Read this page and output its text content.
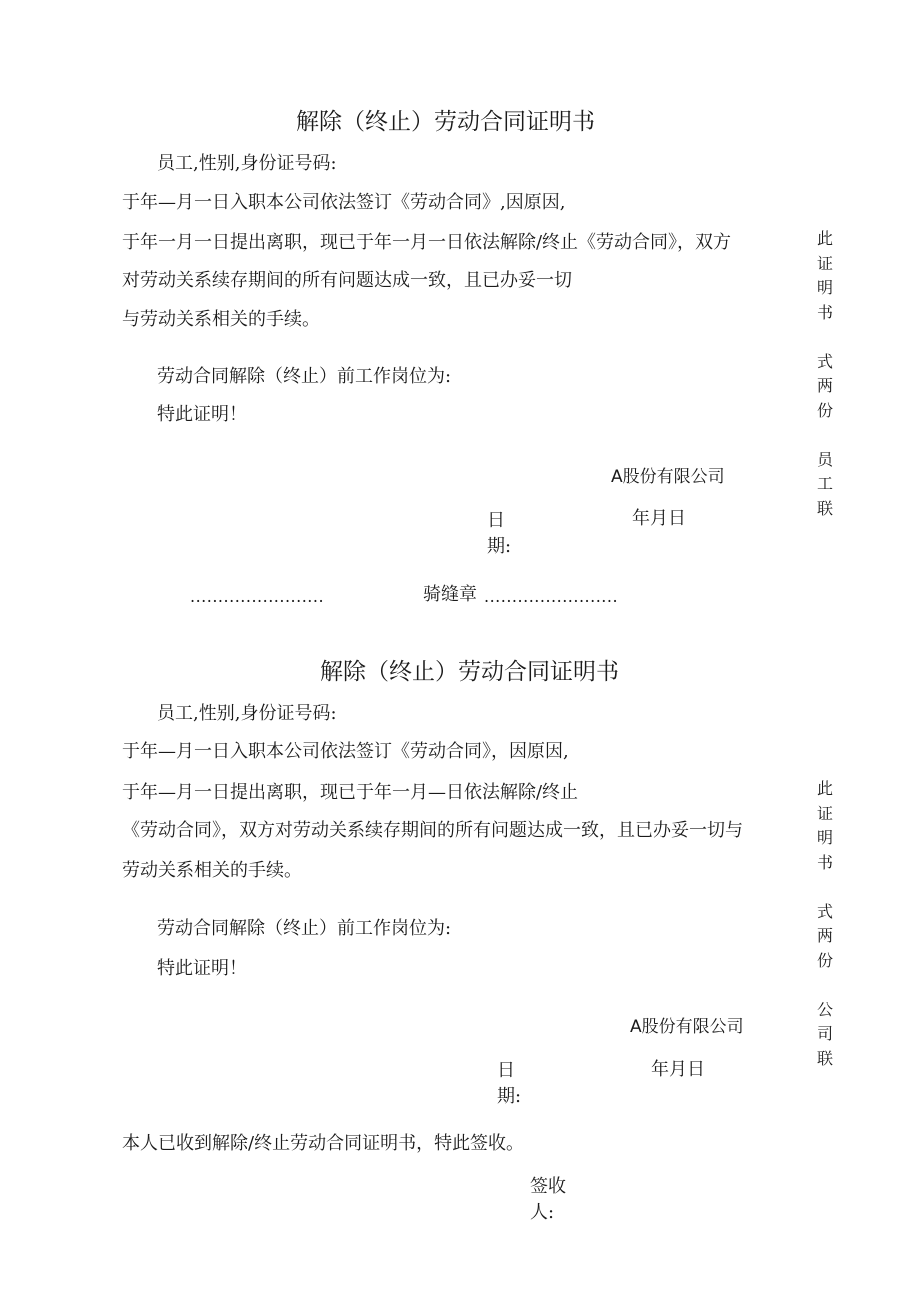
解除（终止）劳动合同证明书
员工,性别,身份证号码:
于年—月一日入职本公司依法签订《劳动合同》,因原因,
于年一月一日提出离职，现已于年一月一日依法解除/终止《劳动合同》，双方
对劳动关系续存期间的所有问题达成一致，且已办妥一切
与劳动关系相关的手续。
劳动合同解除（终止）前工作岗位为:
特此证明！
A股份有限公司
日
期:
年月日
此证明书

式两份

员工联
........................	骑缝章 ........................
解除（终止）劳动合同证明书
员工,性别,身份证号码:
于年—月一日入职本公司依法签订《劳动合同》，因原因,
于年—月一日提出离职，现已于年一月—日依法解除/终止
《劳动合同》，双方对劳动关系续存期间的所有问题达成一致，且已办妥一切与
劳动关系相关的手续。
劳动合同解除（终止）前工作岗位为:
特此证明！
A股份有限公司
日
期:
年月日
此证明书

式两份

公司联
本人已收到解除/终止劳动合同证明书，特此签收。
签收
人:
